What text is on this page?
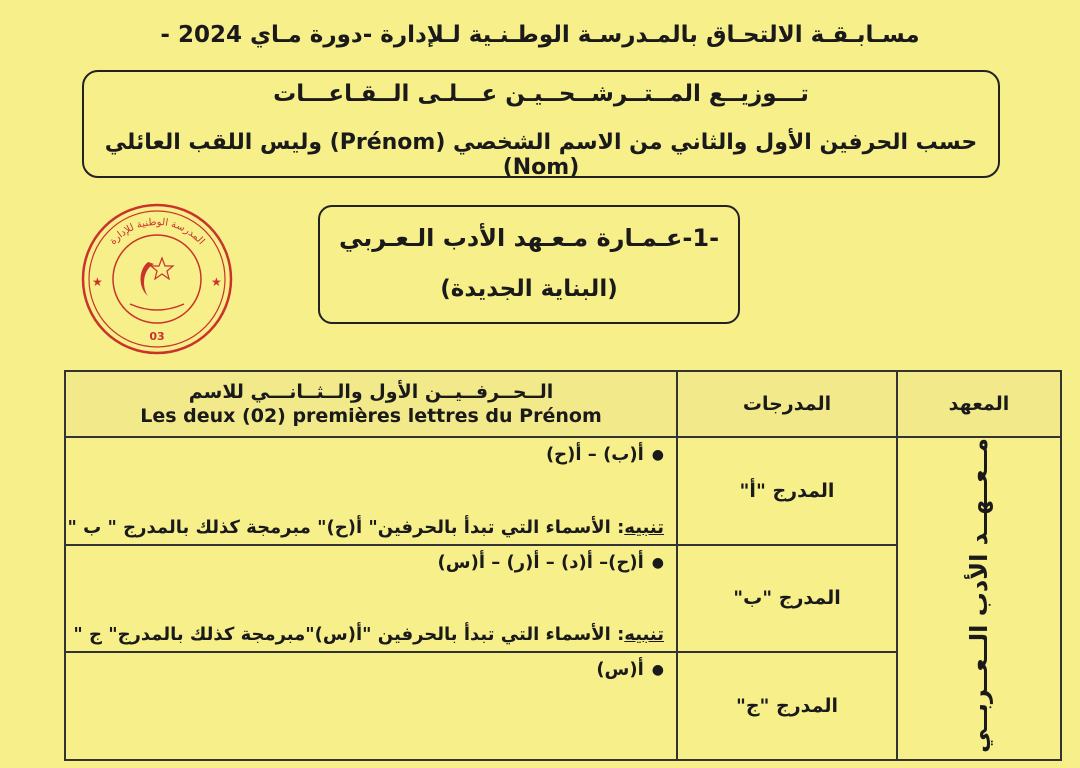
مسـابـقـة الالتحـاق بالمـدرسـة الوطـنـية لـلإدارة -دورة مـاي 2024 -
تـــوزيــع المــتــرشــحــيـن عـــلـى الــقـاعـــات
حسب الحرفين الأول والثاني من الاسم الشخصي (Prénom) وليس اللقب العائلي (Nom)
-1-عـمـارة مـعـهد الأدب الـعـربي
(البناية الجديدة)
المدرسة الوطنية للإدارة
★	★
03
الــحــرفــيــن الأول والــثــانـــي للاسم
Les deux (02) premières lettres du Prénom	المدرجات	المعهد

●أ(ب) – أ(ح)
تنبيه: الأسماء التي تبدأ بالحرفين" أ(ح)" مبرمجة كذلك بالمدرج " ب "	المدرج "أ"	مــعــهــد الأدب الــعــربــي

●أ(ح)– أ(د) – أ(ر) – أ(س)
تنبيه: الأسماء التي تبدأ بالحرفين "أ(س)"مبرمجة كذلك بالمدرج" ج "	المدرج "ب"	

●أ(س)	المدرج "ج"	
